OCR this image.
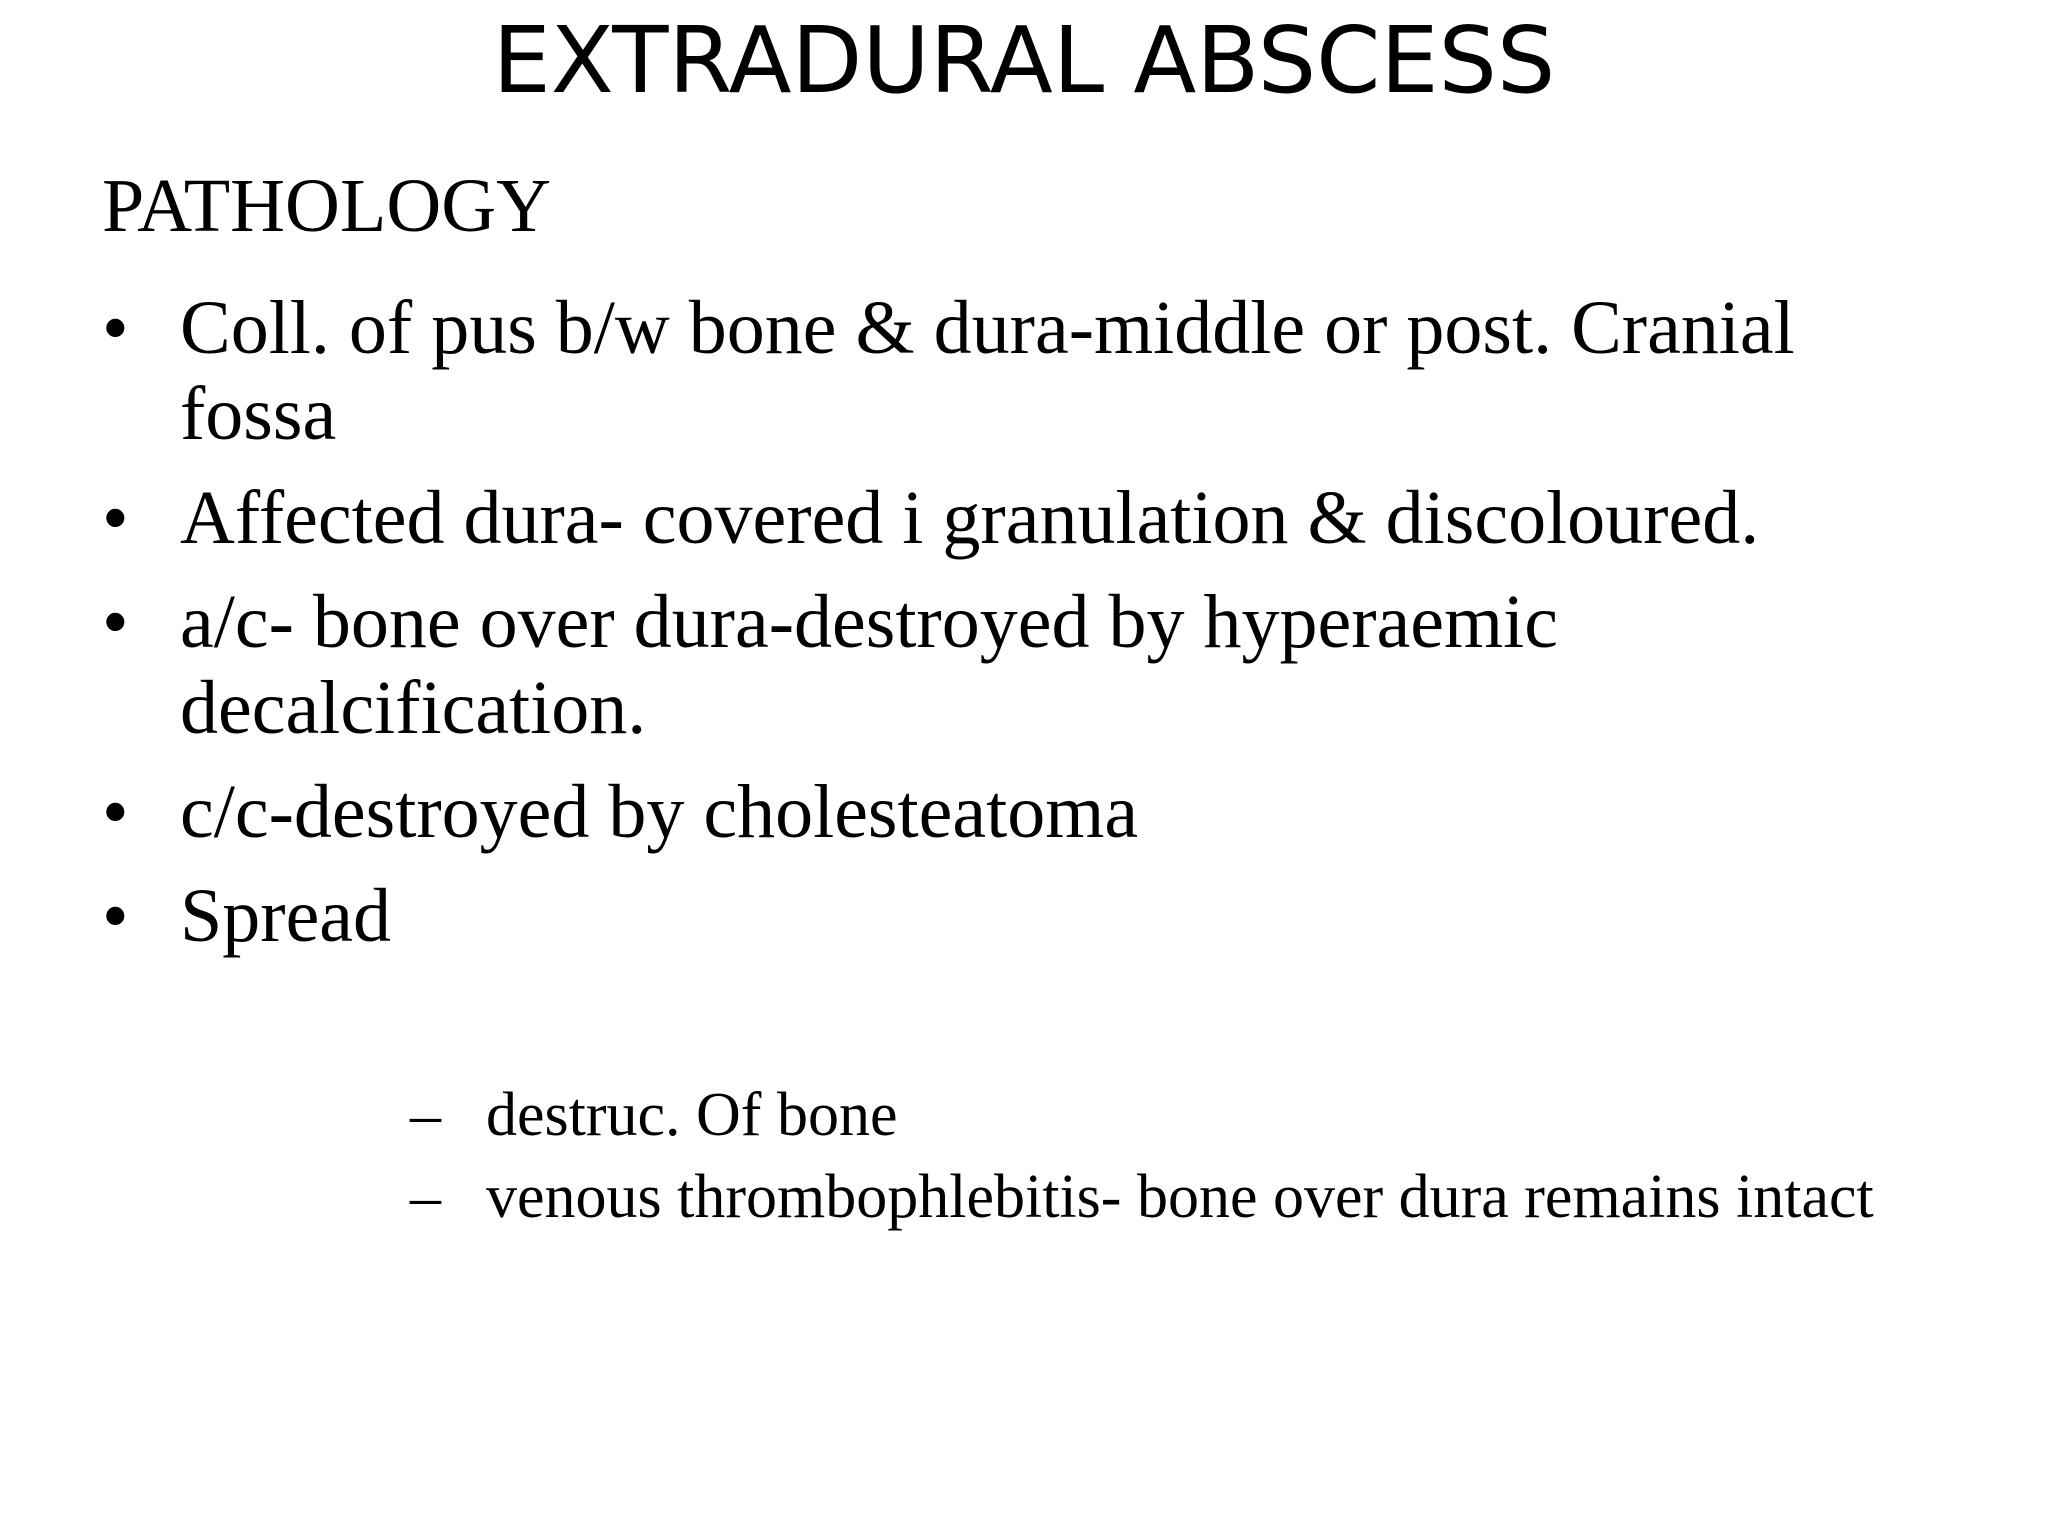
EXTRADURAL ABSCESS
PATHOLOGY
• Coll. of pus b/w bone & dura-middle or post. Cranial fossa
• Affected dura- covered i granulation & discoloured.
• a/c- bone over dura-destroyed by hyperaemic decalcification.
• c/c-destroyed by cholesteatoma
• Spread
– destruc. Of bone
– venous thrombophlebitis- bone over dura remains intact
